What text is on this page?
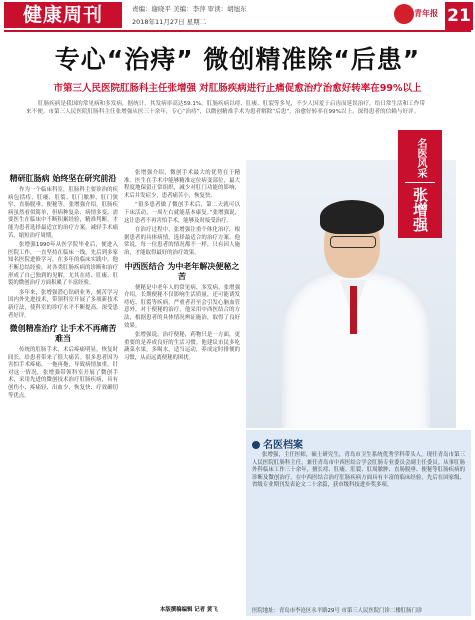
健康周刊	责编：谢晓平 美编：李萍 审读：胡旭东
2018年11月27日 星期二
青年报 21
专心“治痔” 微创精准除“后患”
市第三人民医院肛肠科主任张增强 对肛肠疾病进行止痛促愈治疗治愈好转率在99%以上
肛肠疾病是我国的常见病和多发病。据统计，其发病率高达59.1%。肛肠疾病以痔、肛瘘、肛裂等多见，不少人因羞于启齿而延误治疗，给日常生活和工作带来不便。市第三人民医院肛肠科主任张增强从医三十余年，专心“治痔”，以微创精准手术为患者解除“后患”，治愈好转率在99%以上，深得患者的信赖与好评。
精研肛肠病 始终坚在研究前沿

作为一个临床科室，肛肠科主要诊治的疾病包括痔、肛瘘、肛裂、肛门脓肿、肛门狭窄、直肠脱垂、便秘等。张增强介绍，肛肠疾病虽然看似简单，但病种复杂、病情多变，需要医生在临床中不断积累经验，精准判断，才能为患者选择最适宜的治疗方案，减轻手术痛苦，缩短治疗周期。

张增强1990年从医学院毕业后，便进入医院工作，一直坚持在临床一线，先后到多家知名医院进修学习。在多年的临床实践中，他不断总结经验，对各类肛肠疾病的诊断和治疗形成了自己独到的见解，尤其在痔、肛瘘、肛裂的微创治疗方面积累了丰富经验。

多年来，张增强潜心钻研业务，刻苦学习国内外先进技术，带领科室开展了多项新技术新疗法，使科室的诊疗水平不断提高，深受患者好评。

微创精准治疗 让手术不再痛苦难当

传统的肛肠手术，术后疼痛明显，恢复时间长，给患者带来了很大痛苦。很多患者因为害怕手术疼痛，一拖再拖，导致病情加重。针对这一情况，张增强带领科室开展了微创手术，采用先进的微创技术治疗肛肠疾病，具有创伤小、疼痛轻、出血少、恢复快、疗效确切等优点。

张增强介绍，微创手术最大的优势在于精准。医生在手术中能够精准定位病变部位，最大程度地保留正常组织，减少对肛门功能的影响，术后并发症少，患者痛苦小，恢复快。

“很多患者做了微创手术后，第二天就可以下床活动，一周左右就能基本康复。”张增强说，这让患者不再害怕手术，能够及时接受治疗。

在治疗过程中，张增强注重个体化治疗，根据患者的具体病情，选择最适合的治疗方案。他常说，每一位患者的情况都不一样，只有因人施治，才能取得最好的治疗效果。

中西医结合 为中老年解决便秘之苦

便秘是中老年人的常见病、多发病。张增强介绍，长期便秘不仅影响生活质量，还可能诱发痔疮、肛裂等疾病，严重者甚至会引发心脑血管意外。对于便秘的治疗，他采用中西医结合的方法，根据患者的具体情况辨证施治，取得了良好效果。

张增强说，治疗便秘，药物只是一方面，更重要的是养成良好的生活习惯。他建议市民多吃蔬菜水果，多喝水，适当运动，养成定时排便的习惯，从而远离便秘的困扰。

名医风采
张增强
名医档案
张增强，主任医师，硕士研究生，青岛市卫生系统优秀学科带头人，现任青岛市第三人民医院肛肠科主任，兼任青岛市中西医结合学会肛肠专业委员会副主任委员。从事肛肠外科临床工作三十余年，擅长痔、肛瘘、肛裂、肛周脓肿、直肠脱垂、便秘等肛肠疾病的诊断及微创治疗，在中西医结合治疗肛肠疾病方面具有丰富的临床经验。先后在国家级、省级专业期刊发表论文二十余篇，获市级科技进步奖多项。
医院地址：青岛市李沧区永平路29号 市第三人民医院门诊二楼肛肠门诊
本版撰稿编辑 记者 黄飞
